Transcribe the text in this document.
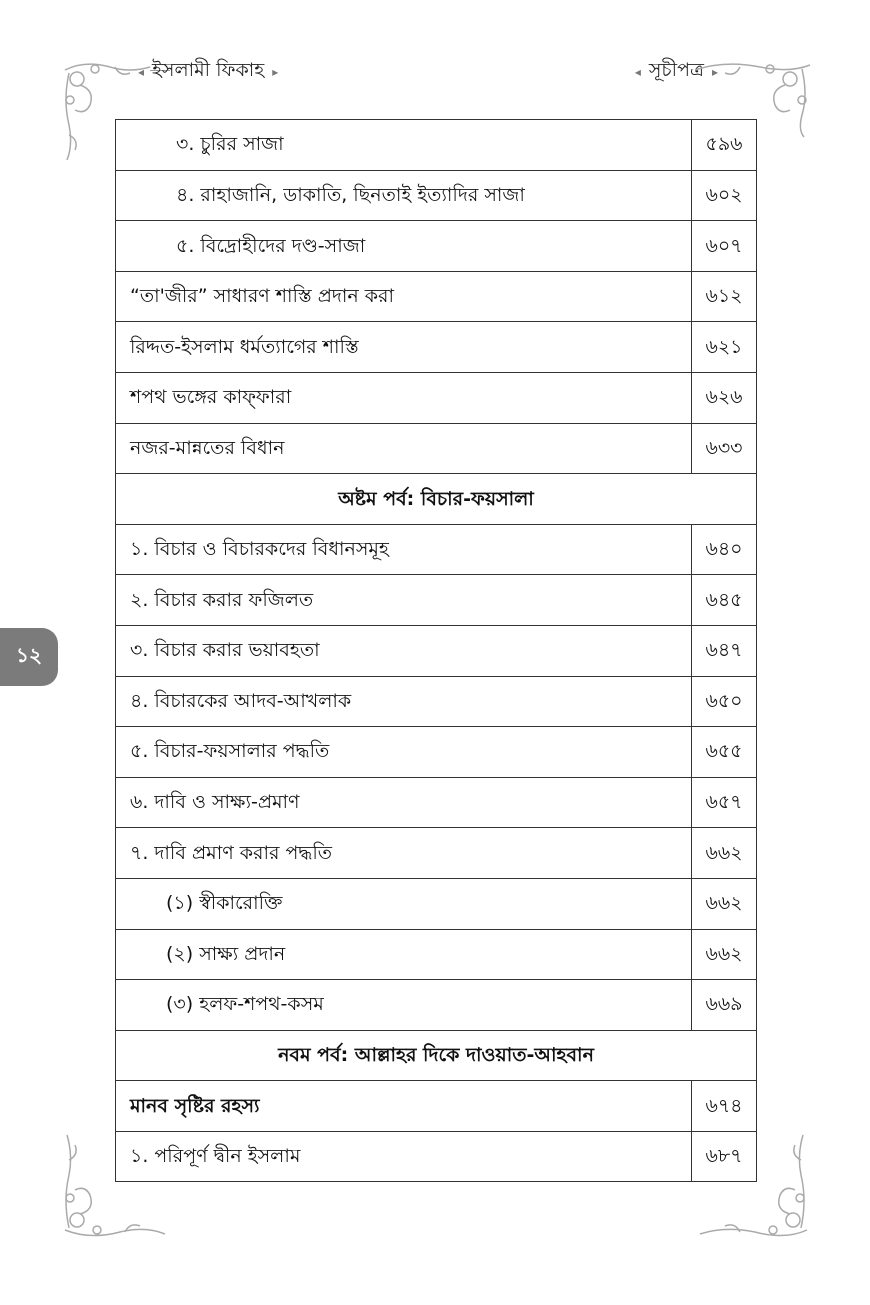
◂ ইসলামী ফিকাহ ▸	◂ সূচীপত্র ▸
৩. চুরির সাজা	৫৯৬
৪. রাহাজানি, ডাকাতি, ছিনতাই ইত্যাদির সাজা	৬০২
৫. বিদ্রোহীদের দণ্ড-সাজা	৬০৭
“তা'জীর” সাধারণ শাস্তি প্রদান করা	৬১২
রিদ্দত-ইসলাম ধর্মত্যাগের শাস্তি	৬২১
শপথ ভঙ্গের কাফ্ফারা	৬২৬
নজর-মান্নতের বিধান	৬৩৩
অষ্টম পর্ব: বিচার-ফয়সালা	
১. বিচার ও বিচারকদের বিধানসমূহ	৬৪০
২. বিচার করার ফজিলত	৬৪৫
৩. বিচার করার ভয়াবহতা	৬৪৭
৪. বিচারকের আদব-আখলাক	৬৫০
৫. বিচার-ফয়সালার পদ্ধতি	৬৫৫
৬. দাবি ও সাক্ষ্য-প্রমাণ	৬৫৭
৭. দাবি প্রমাণ করার পদ্ধতি	৬৬২
(১) স্বীকারোক্তি	৬৬২
(২) সাক্ষ্য প্রদান	৬৬২
(৩) হলফ-শপথ-কসম	৬৬৯
নবম পর্ব: আল্লাহর দিকে দাওয়াত-আহবান	
মানব সৃষ্টির রহস্য	৬৭৪
১. পরিপূর্ণ দ্বীন ইসলাম	৬৮৭
১২
